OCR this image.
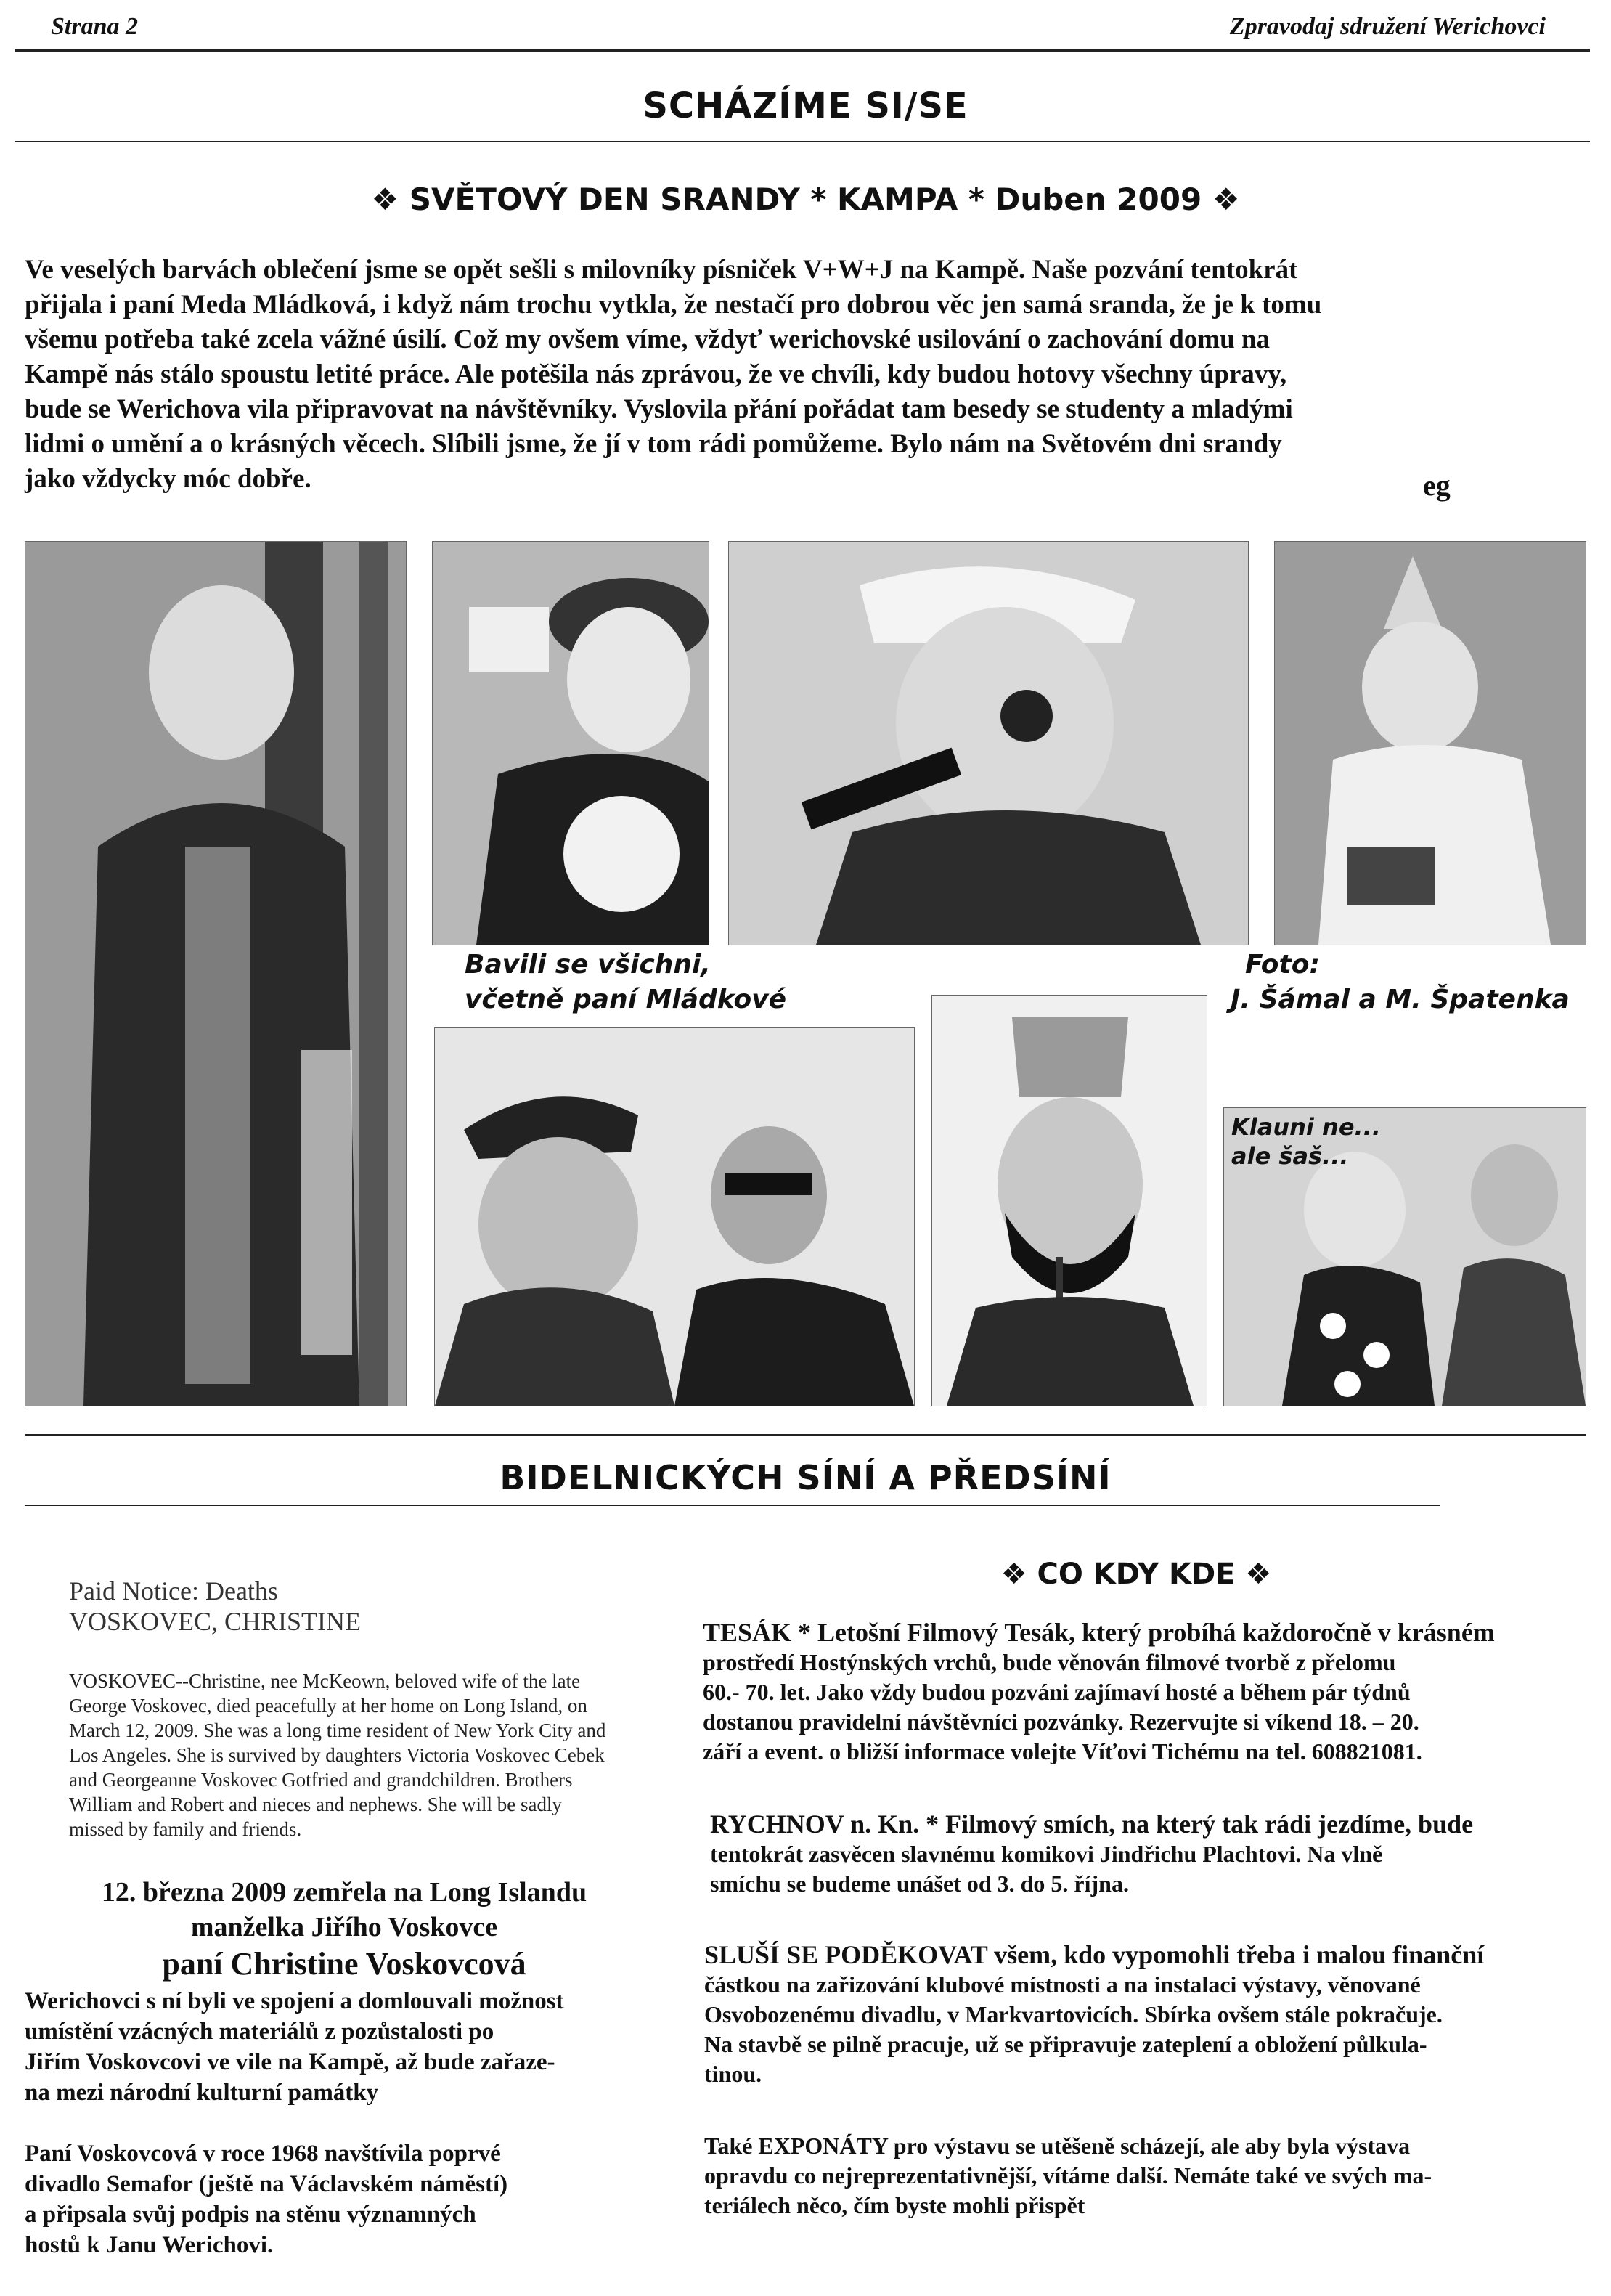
Strana 2	Zpravodaj sdružení Werichovci
SCHÁZÍME SI/SE
❖ SVĚTOVÝ DEN SRANDY * KAMPA * Duben 2009 ❖
Ve veselých barvách oblečení jsme se opět sešli s milovníky písniček V+W+J na Kampě. Naše pozvání tentokrát
přijala i paní Meda Mládková, i když nám trochu vytkla, že nestačí pro dobrou věc jen samá sranda, že je k tomu
všemu potřeba také zcela vážné úsilí. Což my ovšem víme, vždyť werichovské usilování o zachování domu na
Kampě nás stálo spoustu letité práce. Ale potěšila nás zprávou, že ve chvíli, kdy budou hotovy všechny úpravy,
bude se Werichova vila připravovat na návštěvníky. Vyslovila přání pořádat tam besedy se studenty a mladými
lidmi o umění a o krásných věcech. Slíbili jsme, že jí v tom rádi pomůžeme. Bylo nám na Světovém dni srandy
jako vždycky móc dobře.	eg
Bavili se všichni,
včetně paní Mládkové
Foto:
J. Šámal a M. Špatenka
Klauni ne...
ale šaš...
BIDELNICKÝCH SÍNÍ A PŘEDSÍNÍ
Paid Notice: Deaths
VOSKOVEC, CHRISTINE
VOSKOVEC--Christine, nee McKeown, beloved wife of the late
George Voskovec, died peacefully at her home on Long Island, on
March 12, 2009. She was a long time resident of New York City and
Los Angeles. She is survived by daughters Victoria Voskovec Cebek
and Georgeanne Voskovec Gotfried and grandchildren. Brothers
William and Robert and nieces and nephews. She will be sadly
missed by family and friends.
12. března 2009 zemřela na Long Islandu
manželka Jiřího Voskovce
paní Christine Voskovcová
Werichovci s ní byli ve spojení a domlouvali možnost
umístění vzácných materiálů z pozůstalosti po
Jiřím Voskovcovi ve vile na Kampě, až bude zařaze-
na mezi národní kulturní památky
Paní Voskovcová v roce 1968 navštívila poprvé
divadlo Semafor (ještě na Václavském náměstí)
a připsala svůj podpis na stěnu významných
hostů k Janu Werichovi.
❖ CO KDY KDE ❖
TESÁK * Letošní Filmový Tesák, který probíhá každoročně v krásném
prostředí Hostýnských vrchů, bude věnován filmové tvorbě z přelomu
60.- 70. let. Jako vždy budou pozváni zajímaví hosté a během pár týdnů
dostanou pravidelní návštěvníci pozvánky. Rezervujte si víkend 18. – 20.
září a event. o bližší informace volejte Víťovi Tichému na tel. 608821081.
RYCHNOV n. Kn. * Filmový smích, na který tak rádi jezdíme, bude
tentokrát zasvěcen slavnému komikovi Jindřichu Plachtovi. Na vlně
smíchu se budeme unášet od 3. do 5. října.
SLUŠÍ SE PODĚKOVAT všem, kdo vypomohli třeba i malou finanční
částkou na zařizování klubové místnosti a na instalaci výstavy, věnované
Osvobozenému divadlu, v Markvartovicích. Sbírka ovšem stále pokračuje.
Na stavbě se pilně pracuje, už se připravuje zateplení a obložení půlkula-
tinou.
Také EXPONÁTY pro výstavu se utěšeně scházejí, ale aby byla výstava
opravdu co nejreprezentativnější, vítáme další. Nemáte také ve svých ma-
teriálech něco, čím byste mohli přispět
